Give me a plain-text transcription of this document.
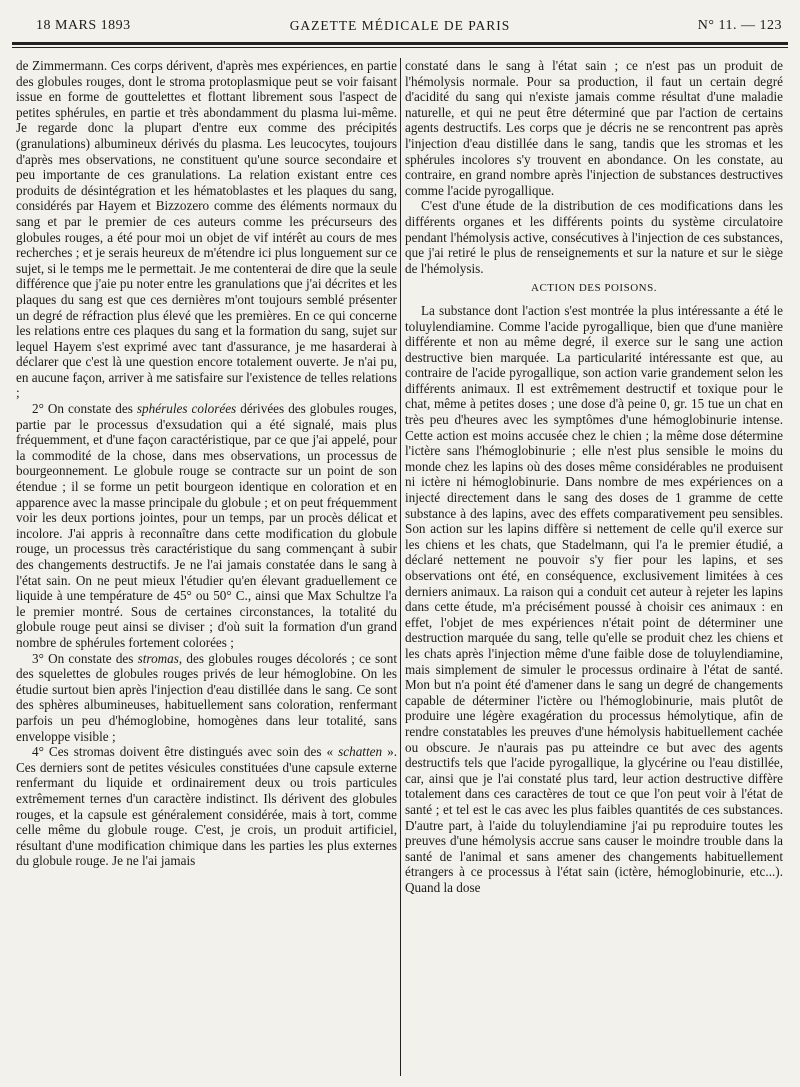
18 MARS 1893	GAZETTE MÉDICALE DE PARIS	N° 11. — 123

de Zimmermann. Ces corps dérivent, d'après mes expériences, en partie des globules rouges, dont le stroma protoplasmique peut se voir faisant issue en forme de gouttelettes et flottant librement sous l'aspect de petites sphérules, en partie et très abondamment du plasma lui-même. Je regarde donc la plupart d'entre eux comme des précipités (granulations) albumineux dérivés du plasma. Les leucocytes, toujours d'après mes observations, ne constituent qu'une source secondaire et peu importante de ces granulations. La relation existant entre ces produits de désintégration et les hématoblastes et les plaques du sang, considérés par Hayem et Bizzozero comme des éléments normaux du sang et par le premier de ces auteurs comme les précurseurs des globules rouges, a été pour moi un objet de vif intérêt au cours de mes recherches ; et je serais heureux de m'étendre ici plus longuement sur ce sujet, si le temps me le permettait. Je me contenterai de dire que la seule différence que j'aie pu noter entre les granulations que j'ai décrites et les plaques du sang est que ces dernières m'ont toujours semblé présenter un degré de réfraction plus élevé que les premières. En ce qui concerne les relations entre ces plaques du sang et la formation du sang, sujet sur lequel Hayem s'est exprimé avec tant d'assurance, je me hasarderai à déclarer que c'est là une question encore totalement ouverte. Je n'ai pu, en aucune façon, arriver à me satisfaire sur l'existence de telles relations ;

2° On constate des sphérules colorées dérivées des globules rouges, partie par le processus d'exsudation qui a été signalé, mais plus fréquemment, et d'une façon caractéristique, par ce que j'ai appelé, pour la commodité de la chose, dans mes observations, un processus de bourgeonnement. Le globule rouge se contracte sur un point de son étendue ; il se forme un petit bourgeon identique en coloration et en apparence avec la masse principale du globule ; et on peut fréquemment voir les deux portions jointes, pour un temps, par un procès délicat et incolore. J'ai appris à reconnaître dans cette modification du globule rouge, un processus très caractéristique du sang commençant à subir des changements destructifs. Je ne l'ai jamais constatée dans le sang à l'état sain. On ne peut mieux l'étudier qu'en élevant graduellement ce liquide à une température de 45° ou 50° C., ainsi que Max Schultze l'a le premier montré. Sous de certaines circonstances, la totalité du globule rouge peut ainsi se diviser ; d'où suit la formation d'un grand nombre de sphérules fortement colorées ;

3° On constate des stromas, des globules rouges décolorés ; ce sont des squelettes de globules rouges privés de leur hémoglobine. On les étudie surtout bien après l'injection d'eau distillée dans le sang. Ce sont des sphères albumineuses, habituellement sans coloration, renfermant parfois un peu d'hémoglobine, homogènes dans leur totalité, sans enveloppe visible ;

4° Ces stromas doivent être distingués avec soin des « schatten ». Ces derniers sont de petites vésicules constituées d'une capsule externe renfermant du liquide et ordinairement deux ou trois particules extrêmement ternes d'un caractère indistinct. Ils dérivent des globules rouges, et la capsule est généralement considérée, mais à tort, comme celle même du globule rouge. C'est, je crois, un produit artificiel, résultant d'une modification chimique dans les parties les plus externes du globule rouge. Je ne l'ai jamais

constaté dans le sang à l'état sain ; ce n'est pas un produit de l'hémolysis normale. Pour sa production, il faut un certain degré d'acidité du sang qui n'existe jamais comme résultat d'une maladie naturelle, et qui ne peut être déterminé que par l'action de certains agents destructifs. Les corps que je décris ne se rencontrent pas après l'injection d'eau distillée dans le sang, tandis que les stromas et les sphérules incolores s'y trouvent en abondance. On les constate, au contraire, en grand nombre après l'injection de substances destructives comme l'acide pyrogallique.

C'est d'une étude de la distribution de ces modifications dans les différents organes et les différents points du système circulatoire pendant l'hémolysis active, consécutives à l'injection de ces substances, que j'ai retiré le plus de renseignements et sur la nature et sur le siège de l'hémolysis.

ACTION DES POISONS.

La substance dont l'action s'est montrée la plus intéressante a été le toluylendiamine. Comme l'acide pyrogallique, bien que d'une manière différente et non au même degré, il exerce sur le sang une action destructive bien marquée. La particularité intéressante est que, au contraire de l'acide pyrogallique, son action varie grandement selon les différents animaux. Il est extrêmement destructif et toxique pour le chat, même à petites doses ; une dose d'à peine 0, gr. 15 tue un chat en très peu d'heures avec les symptômes d'une hémoglobinurie intense. Cette action est moins accusée chez le chien ; la même dose détermine l'ictère sans l'hémoglobinurie ; elle n'est plus sensible le moins du monde chez les lapins où des doses même considérables ne produisent ni ictère ni hémoglobinurie. Dans nombre de mes expériences on a injecté directement dans le sang des doses de 1 gramme de cette substance à des lapins, avec des effets comparativement peu sensibles. Son action sur les lapins diffère si nettement de celle qu'il exerce sur les chiens et les chats, que Stadelmann, qui l'a le premier étudié, a déclaré nettement ne pouvoir s'y fier pour les lapins, et ses observations ont été, en conséquence, exclusivement limitées à ces derniers animaux. La raison qui a conduit cet auteur à rejeter les lapins dans cette étude, m'a précisément poussé à choisir ces animaux : en effet, l'objet de mes expériences n'était point de déterminer une destruction marquée du sang, telle qu'elle se produit chez les chiens et les chats après l'injection même d'une faible dose de toluylendiamine, mais simplement de simuler le processus ordinaire à l'état de santé. Mon but n'a point été d'amener dans le sang un degré de changements capable de déterminer l'ictère ou l'hémoglobinurie, mais plutôt de produire une légère exagération du processus hémolytique, afin de rendre constatables les preuves d'une hémolysis habituellement cachée ou obscure. Je n'aurais pas pu atteindre ce but avec des agents destructifs tels que l'acide pyrogallique, la glycérine ou l'eau distillée, car, ainsi que je l'ai constaté plus tard, leur action destructive diffère totalement dans ces caractères de tout ce que l'on peut voir à l'état de santé ; et tel est le cas avec les plus faibles quantités de ces substances. D'autre part, à l'aide du toluylendiamine j'ai pu reproduire toutes les preuves d'une hémolysis accrue sans causer le moindre trouble dans la santé de l'animal et sans amener des changements habituellement étrangers à ce processus à l'état sain (ictère, hémoglobinurie, etc...). Quand la dose
